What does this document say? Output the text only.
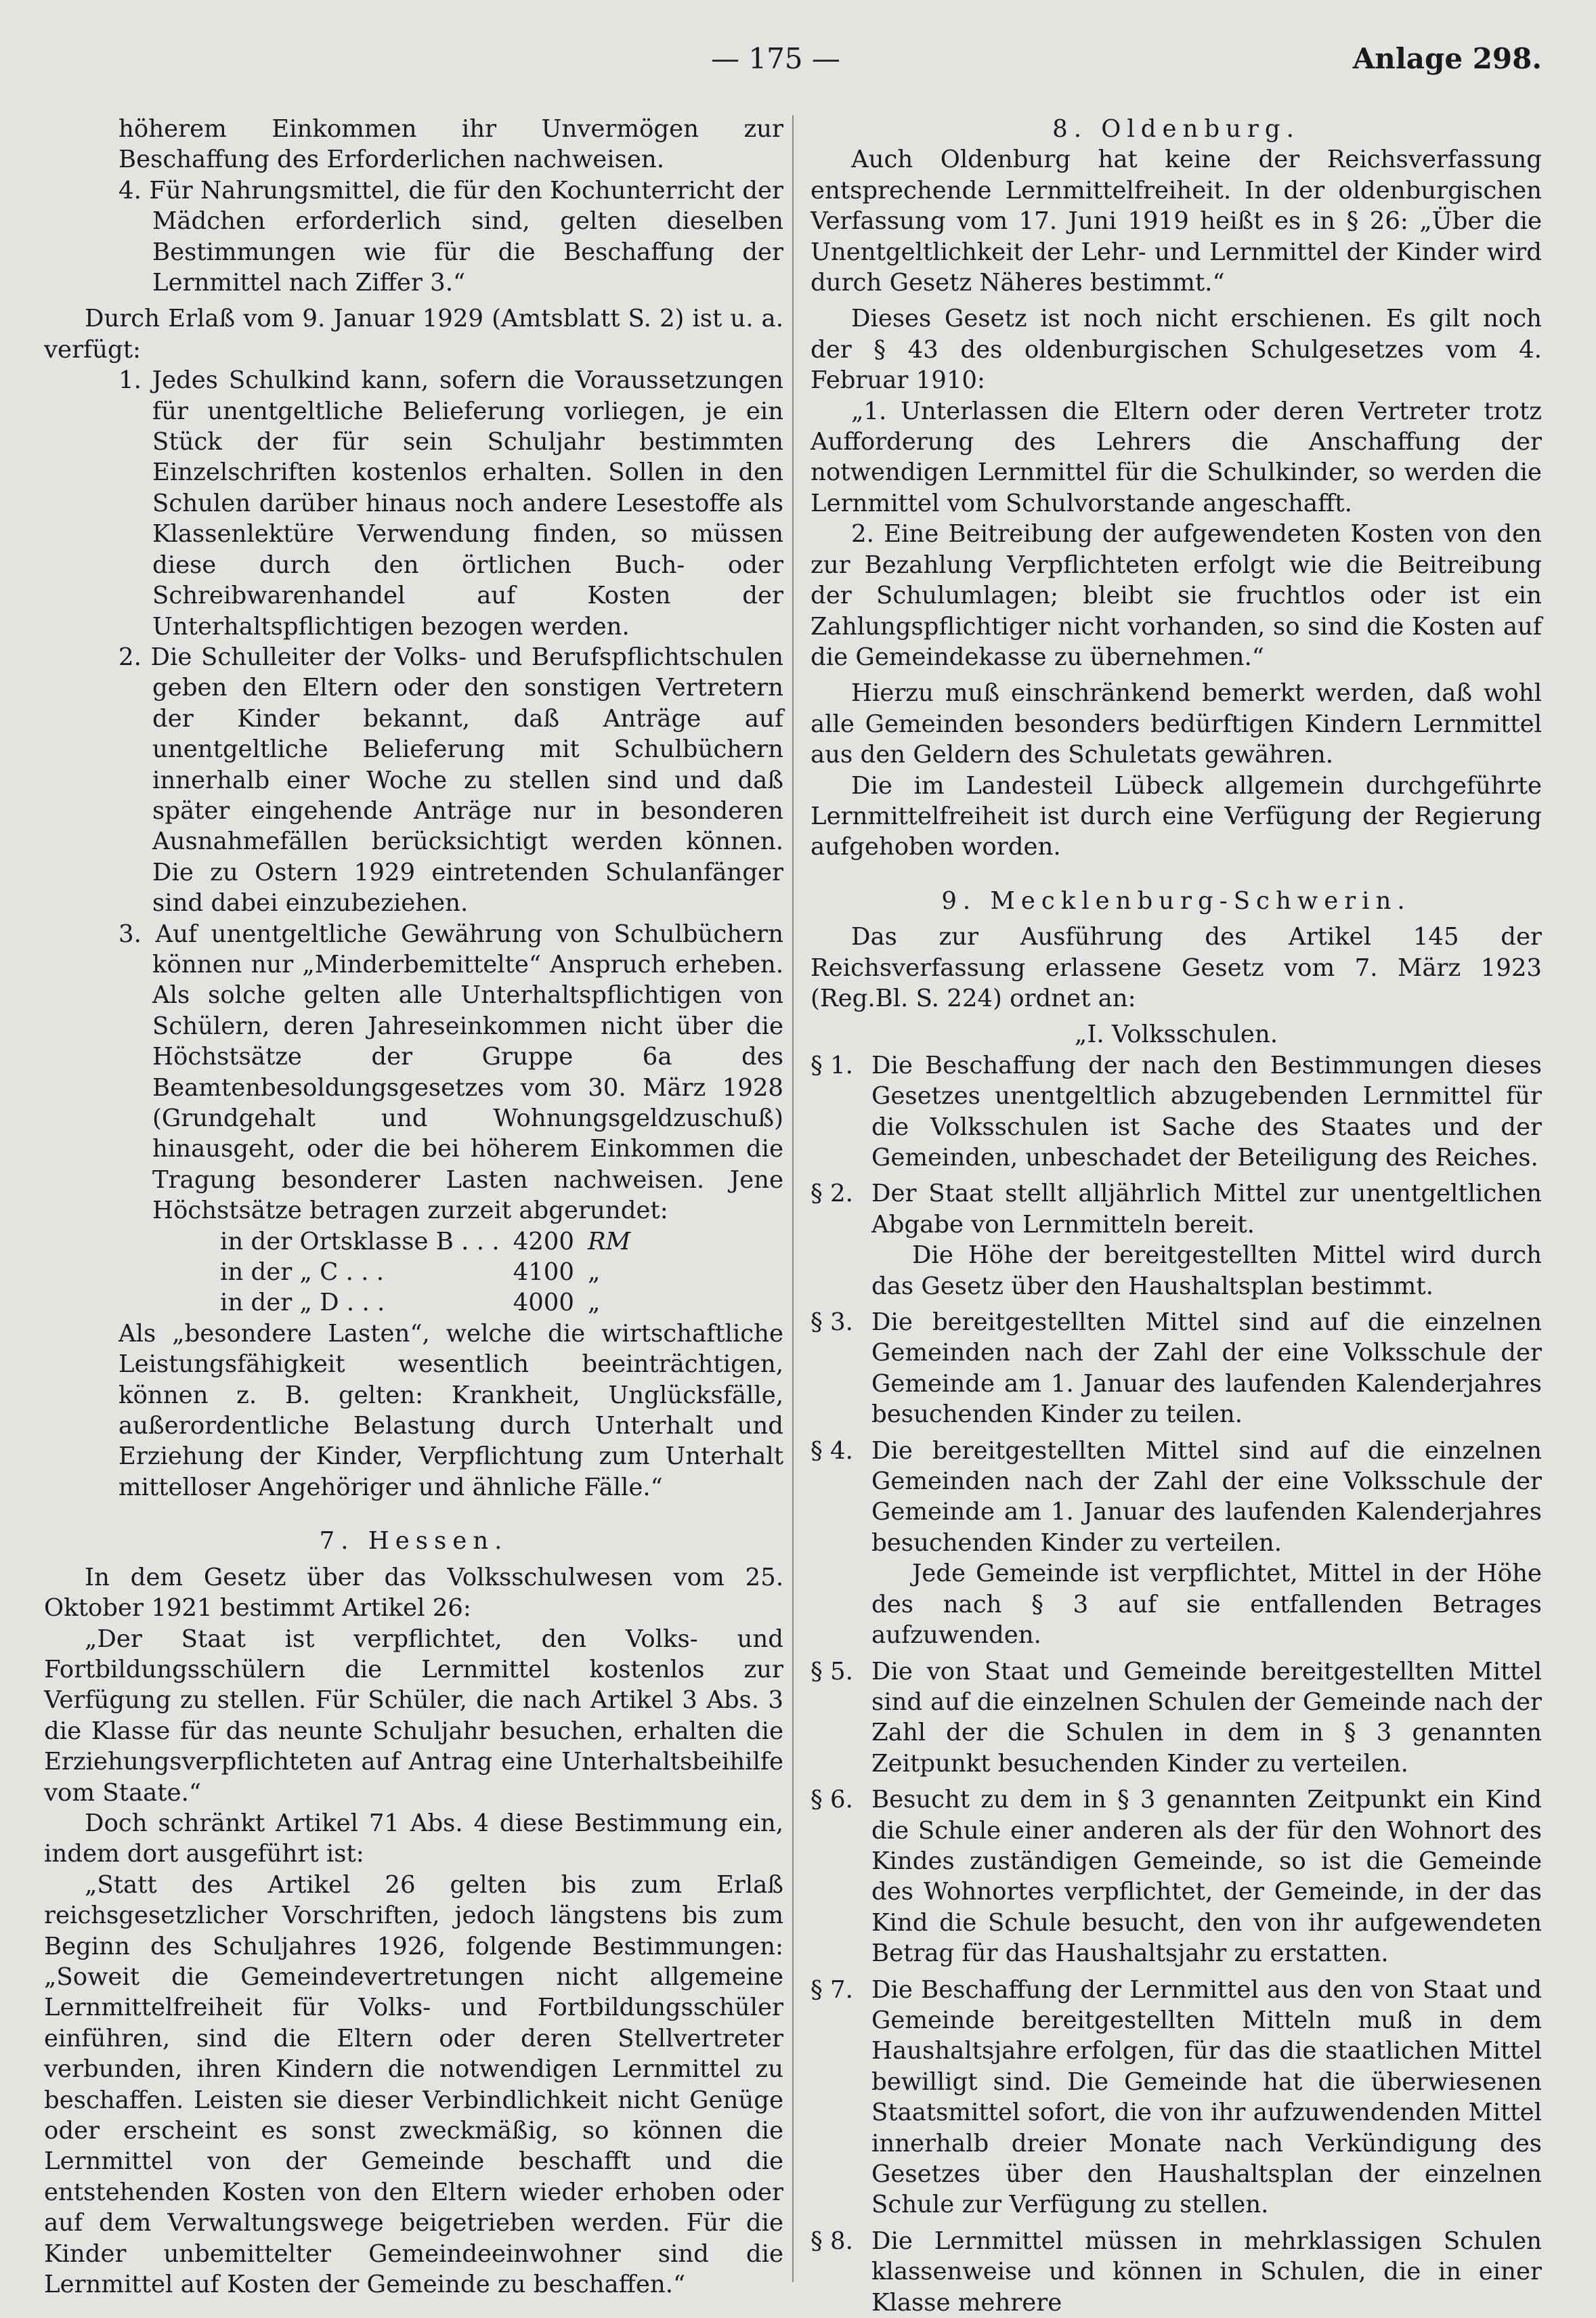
— 175 —	Anlage 298.

höherem Einkommen ihr Unvermögen zur Beschaffung des Erforderlichen nachweisen.

4. Für Nahrungsmittel, die für den Kochunterricht der Mädchen erforderlich sind, gelten dieselben Bestimmungen wie für die Beschaffung der Lernmittel nach Ziffer 3.“

Durch Erlaß vom 9. Januar 1929 (Amtsblatt S. 2) ist u. a. verfügt:

1. Jedes Schulkind kann, sofern die Voraussetzungen für unentgeltliche Belieferung vorliegen, je ein Stück der für sein Schuljahr bestimmten Einzelschriften kostenlos erhalten. Sollen in den Schulen darüber hinaus noch andere Lesestoffe als Klassenlektüre Verwendung finden, so müssen diese durch den örtlichen Buch- oder Schreibwarenhandel auf Kosten der Unterhaltspflichtigen bezogen werden.

2. Die Schulleiter der Volks- und Berufspflichtschulen geben den Eltern oder den sonstigen Vertretern der Kinder bekannt, daß Anträge auf unentgeltliche Belieferung mit Schulbüchern innerhalb einer Woche zu stellen sind und daß später eingehende Anträge nur in besonderen Ausnahmefällen berücksichtigt werden können. Die zu Ostern 1929 eintretenden Schulanfänger sind dabei einzubeziehen.

3. Auf unentgeltliche Gewährung von Schulbüchern können nur „Minderbemittelte“ Anspruch erheben. Als solche gelten alle Unterhaltspflichtigen von Schülern, deren Jahreseinkommen nicht über die Höchstsätze der Gruppe 6a des Beamtenbesoldungsgesetzes vom 30. März 1928 (Grundgehalt und Wohnungsgeldzuschuß) hinausgeht, oder die bei höherem Einkommen die Tragung besonderer Lasten nachweisen. Jene Höchstsätze betragen zurzeit abgerundet:

in der Ortsklasse B . . .	4200	RM
in der „ C . . .	4100	„
in der „ D . . .	4000	„

Als „besondere Lasten“, welche die wirtschaftliche Leistungsfähigkeit wesentlich beeinträchtigen, können z. B. gelten: Krankheit, Unglücksfälle, außerordentliche Belastung durch Unterhalt und Erziehung der Kinder, Verpflichtung zum Unterhalt mittelloser Angehöriger und ähnliche Fälle.“

7. Hessen.

In dem Gesetz über das Volksschulwesen vom 25. Oktober 1921 bestimmt Artikel 26:

„Der Staat ist verpflichtet, den Volks- und Fortbildungsschülern die Lernmittel kostenlos zur Verfügung zu stellen. Für Schüler, die nach Artikel 3 Abs. 3 die Klasse für das neunte Schuljahr besuchen, erhalten die Erziehungsverpflichteten auf Antrag eine Unterhaltsbeihilfe vom Staate.“

Doch schränkt Artikel 71 Abs. 4 diese Bestimmung ein, indem dort ausgeführt ist:

„Statt des Artikel 26 gelten bis zum Erlaß reichsgesetzlicher Vorschriften, jedoch längstens bis zum Beginn des Schuljahres 1926, folgende Bestimmungen: „Soweit die Gemeindevertretungen nicht allgemeine Lernmittelfreiheit für Volks- und Fortbildungsschüler einführen, sind die Eltern oder deren Stellvertreter verbunden, ihren Kindern die notwendigen Lernmittel zu beschaffen. Leisten sie dieser Verbindlichkeit nicht Genüge oder erscheint es sonst zweckmäßig, so können die Lernmittel von der Gemeinde beschafft und die entstehenden Kosten von den Eltern wieder erhoben oder auf dem Verwaltungswege beigetrieben werden. Für die Kinder unbemittelter Gemeindeeinwohner sind die Lernmittel auf Kosten der Gemeinde zu beschaffen.“

8. Oldenburg.

Auch Oldenburg hat keine der Reichsverfassung entsprechende Lernmittelfreiheit. In der oldenburgischen Verfassung vom 17. Juni 1919 heißt es in § 26: „Über die Unentgeltlichkeit der Lehr- und Lernmittel der Kinder wird durch Gesetz Näheres bestimmt.“

Dieses Gesetz ist noch nicht erschienen. Es gilt noch der § 43 des oldenburgischen Schulgesetzes vom 4. Februar 1910:

„1. Unterlassen die Eltern oder deren Vertreter trotz Aufforderung des Lehrers die Anschaffung der notwendigen Lernmittel für die Schulkinder, so werden die Lernmittel vom Schulvorstande angeschafft.

2. Eine Beitreibung der aufgewendeten Kosten von den zur Bezahlung Verpflichteten erfolgt wie die Beitreibung der Schulumlagen; bleibt sie fruchtlos oder ist ein Zahlungspflichtiger nicht vorhanden, so sind die Kosten auf die Gemeindekasse zu übernehmen.“

Hierzu muß einschränkend bemerkt werden, daß wohl alle Gemeinden besonders bedürftigen Kindern Lernmittel aus den Geldern des Schuletats gewähren.

Die im Landesteil Lübeck allgemein durchgeführte Lernmittelfreiheit ist durch eine Verfügung der Regierung aufgehoben worden.

9. Mecklenburg-Schwerin.

Das zur Ausführung des Artikel 145 der Reichsverfassung erlassene Gesetz vom 7. März 1923 (Reg.Bl. S. 224) ordnet an:

„I. Volksschulen.

§ 1. Die Beschaffung der nach den Bestimmungen dieses Gesetzes unentgeltlich abzugebenden Lernmittel für die Volksschulen ist Sache des Staates und der Gemeinden, unbeschadet der Beteiligung des Reiches.

§ 2. Der Staat stellt alljährlich Mittel zur unentgeltlichen Abgabe von Lernmitteln bereit.

Die Höhe der bereitgestellten Mittel wird durch das Gesetz über den Haushaltsplan bestimmt.

§ 3. Die bereitgestellten Mittel sind auf die einzelnen Gemeinden nach der Zahl der eine Volksschule der Gemeinde am 1. Januar des laufenden Kalenderjahres besuchenden Kinder zu teilen.

§ 4. Die bereitgestellten Mittel sind auf die einzelnen Gemeinden nach der Zahl der eine Volksschule der Gemeinde am 1. Januar des laufenden Kalenderjahres besuchenden Kinder zu verteilen.

Jede Gemeinde ist verpflichtet, Mittel in der Höhe des nach § 3 auf sie entfallenden Betrages aufzuwenden.

§ 5. Die von Staat und Gemeinde bereitgestellten Mittel sind auf die einzelnen Schulen der Gemeinde nach der Zahl der die Schulen in dem in § 3 genannten Zeitpunkt besuchenden Kinder zu verteilen.

§ 6. Besucht zu dem in § 3 genannten Zeitpunkt ein Kind die Schule einer anderen als der für den Wohnort des Kindes zuständigen Gemeinde, so ist die Gemeinde des Wohnortes verpflichtet, der Gemeinde, in der das Kind die Schule besucht, den von ihr aufgewendeten Betrag für das Haushaltsjahr zu erstatten.

§ 7. Die Beschaffung der Lernmittel aus den von Staat und Gemeinde bereitgestellten Mitteln muß in dem Haushaltsjahre erfolgen, für das die staatlichen Mittel bewilligt sind. Die Gemeinde hat die überwiesenen Staatsmittel sofort, die von ihr aufzuwendenden Mittel innerhalb dreier Monate nach Verkündigung des Gesetzes über den Haushaltsplan der einzelnen Schule zur Verfügung zu stellen.

§ 8. Die Lernmittel müssen in mehrklassigen Schulen klassenweise und können in Schulen, die in einer Klasse mehrere
